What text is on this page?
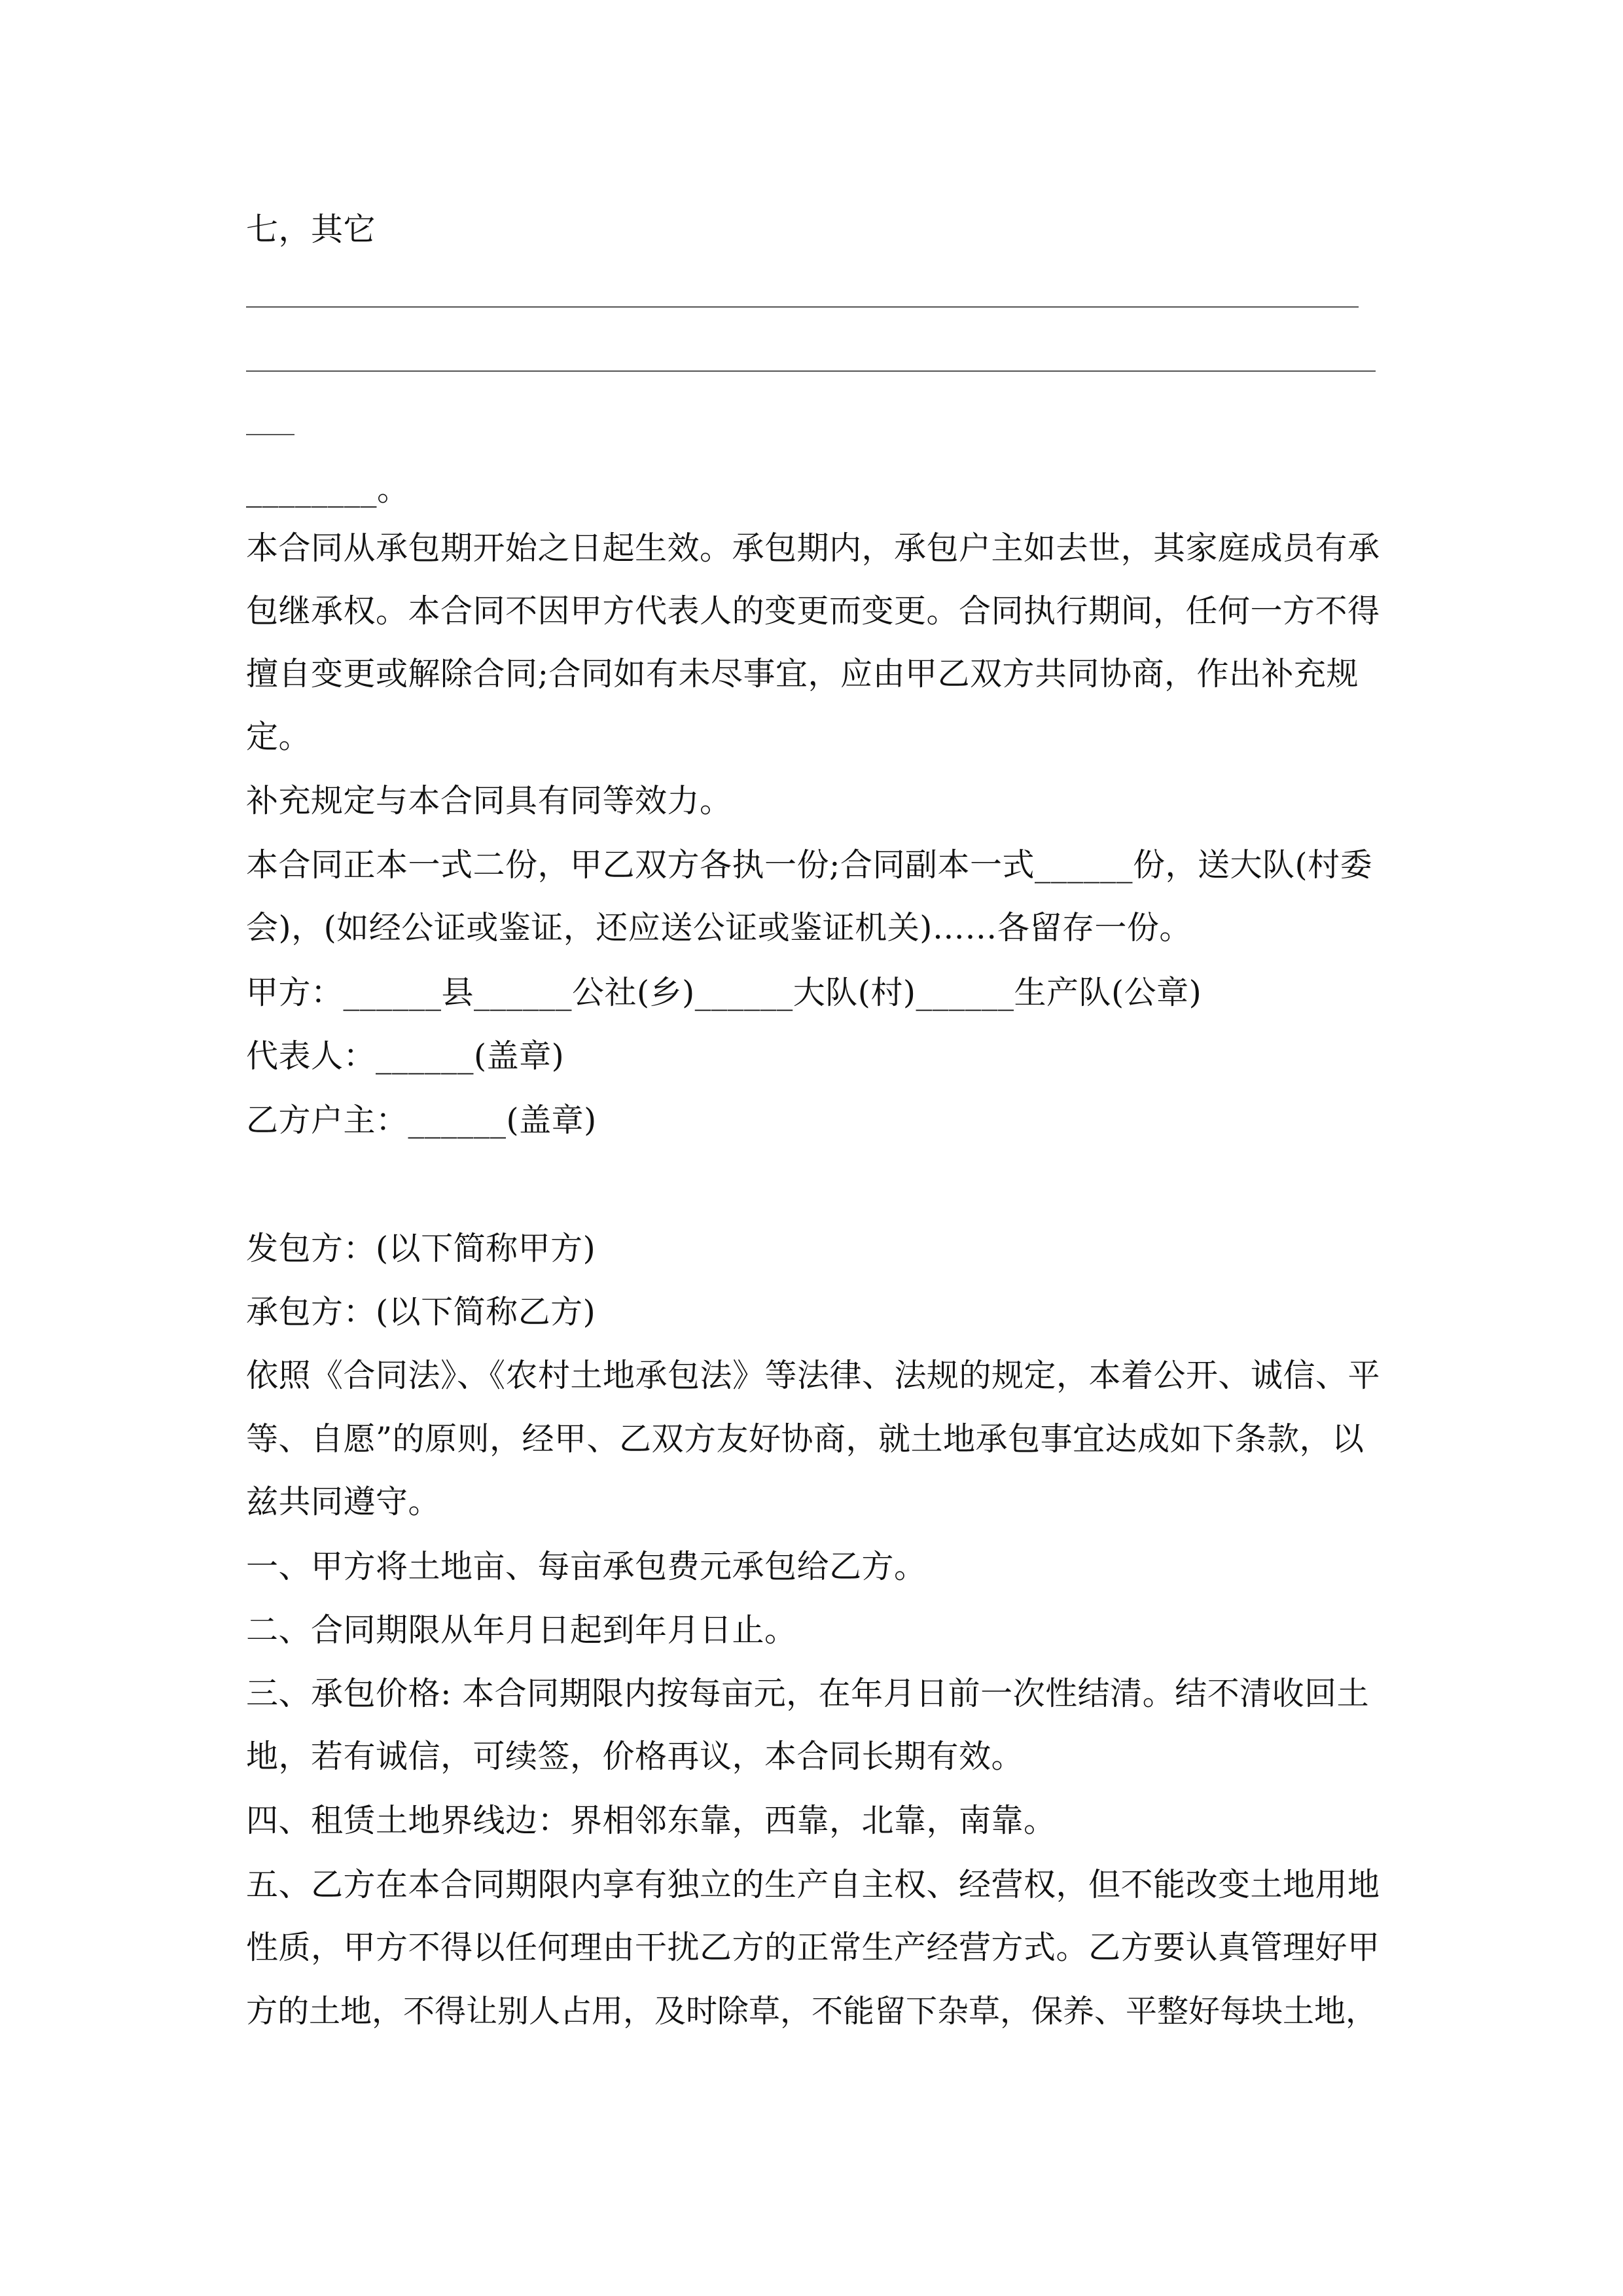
七，其它

________。

本合同从承包期开始之日起生效。承包期内，承包户主如去世，其家庭成员有承

包继承权。本合同不因甲方代表人的变更而变更。合同执行期间，任何一方不得

擅自变更或解除合同;合同如有未尽事宜，应由甲乙双方共同协商，作出补充规

定。

补充规定与本合同具有同等效力。

本合同正本一式二份，甲乙双方各执一份;合同副本一式______份，送大队(村委

会)，(如经公证或鉴证，还应送公证或鉴证机关)……各留存一份。

甲方：______县______公社(乡)______大队(村)______生产队(公章)

代表人：______(盖章)

乙方户主：______(盖章)

发包方：(以下简称甲方)

承包方：(以下简称乙方)

依照《合同法》、《农村土地承包法》等法律、法规的规定，本着公开、诚信、平

等、自愿”的原则，经甲、乙双方友好协商，就土地承包事宜达成如下条款，以

兹共同遵守。

一、甲方将土地亩、每亩承包费元承包给乙方。

二、合同期限从年月日起到年月日止。

三、承包价格: 本合同期限内按每亩元，在年月日前一次性结清。结不清收回土

地，若有诚信，可续签，价格再议，本合同长期有效。

四、租赁土地界线边：界相邻东靠，西靠，北靠，南靠。

五、乙方在本合同期限内享有独立的生产自主权、经营权，但不能改变土地用地

性质，甲方不得以任何理由干扰乙方的正常生产经营方式。乙方要认真管理好甲

方的土地，不得让别人占用，及时除草，不能留下杂草，保养、平整好每块土地，
